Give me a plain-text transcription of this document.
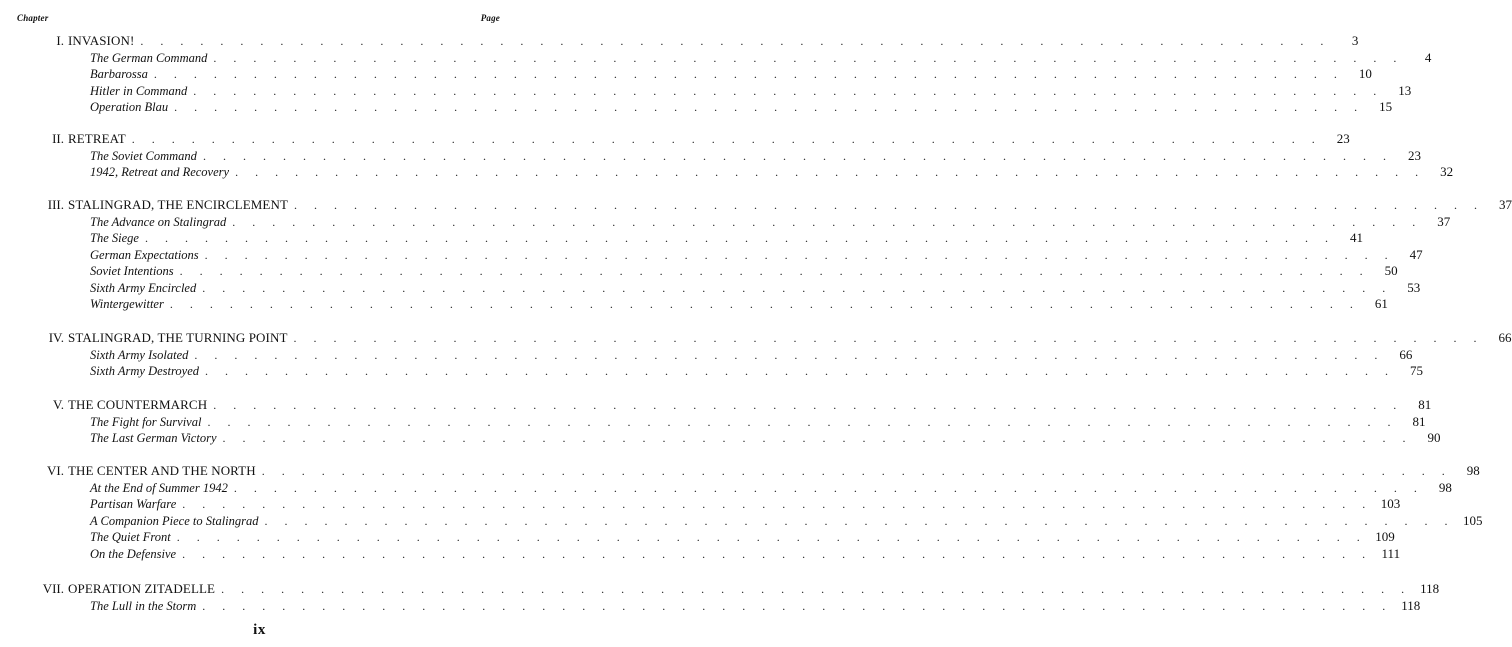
Chapter	Page
I. INVASION! . . . . . . . . . . . . . . . . . . . . . . . . . . . . . . . . . . . . . . . . . . . . . . . . . . . . . . . . . . . .	3
The German Command . . . . . . . . . . . . . . . . . . . . . . . . . . . . . . . . . . . . . . . . . . . . . . . . . . . . . . . . . . . .	4
Barbarossa . . . . . . . . . . . . . . . . . . . . . . . . . . . . . . . . . . . . . . . . . . . . . . . . . . . . . . . . . . . .	10
Hitler in Command . . . . . . . . . . . . . . . . . . . . . . . . . . . . . . . . . . . . . . . . . . . . . . . . . . . . . . . . . . . .	13
Operation Blau . . . . . . . . . . . . . . . . . . . . . . . . . . . . . . . . . . . . . . . . . . . . . . . . . . . . . . . . . . . .	15
II. RETREAT . . . . . . . . . . . . . . . . . . . . . . . . . . . . . . . . . . . . . . . . . . . . . . . . . . . . . . . . . . . .	23
The Soviet Command . . . . . . . . . . . . . . . . . . . . . . . . . . . . . . . . . . . . . . . . . . . . . . . . . . . . . . . . . . . .	23
1942, Retreat and Recovery . . . . . . . . . . . . . . . . . . . . . . . . . . . . . . . . . . . . . . . . . . . . . . . . . . . . . . . . . . . .	32
III. STALINGRAD, THE ENCIRCLEMENT . . . . . . . . . . . . . . . . . . . . . . . . . . . . . . . . . . . . . . . . . . . . . . . . . . . . . . . . . . . .	37
The Advance on Stalingrad . . . . . . . . . . . . . . . . . . . . . . . . . . . . . . . . . . . . . . . . . . . . . . . . . . . . . . . . . . . .	37
The Siege . . . . . . . . . . . . . . . . . . . . . . . . . . . . . . . . . . . . . . . . . . . . . . . . . . . . . . . . . . . .	41
German Expectations . . . . . . . . . . . . . . . . . . . . . . . . . . . . . . . . . . . . . . . . . . . . . . . . . . . . . . . . . . . .	47
Soviet Intentions . . . . . . . . . . . . . . . . . . . . . . . . . . . . . . . . . . . . . . . . . . . . . . . . . . . . . . . . . . . .	50
Sixth Army Encircled . . . . . . . . . . . . . . . . . . . . . . . . . . . . . . . . . . . . . . . . . . . . . . . . . . . . . . . . . . . .	53
Wintergewitter . . . . . . . . . . . . . . . . . . . . . . . . . . . . . . . . . . . . . . . . . . . . . . . . . . . . . . . . . . . .	61
IV. STALINGRAD, THE TURNING POINT . . . . . . . . . . . . . . . . . . . . . . . . . . . . . . . . . . . . . . . . . . . . . . . . . . . . . . . . . . . .	66
Sixth Army Isolated . . . . . . . . . . . . . . . . . . . . . . . . . . . . . . . . . . . . . . . . . . . . . . . . . . . . . . . . . . . .	66
Sixth Army Destroyed . . . . . . . . . . . . . . . . . . . . . . . . . . . . . . . . . . . . . . . . . . . . . . . . . . . . . . . . . . . .	75
V. THE COUNTERMARCH . . . . . . . . . . . . . . . . . . . . . . . . . . . . . . . . . . . . . . . . . . . . . . . . . . . . . . . . . . . .	81
The Fight for Survival . . . . . . . . . . . . . . . . . . . . . . . . . . . . . . . . . . . . . . . . . . . . . . . . . . . . . . . . . . . .	81
The Last German Victory . . . . . . . . . . . . . . . . . . . . . . . . . . . . . . . . . . . . . . . . . . . . . . . . . . . . . . . . . . . .	90
VI. THE CENTER AND THE NORTH . . . . . . . . . . . . . . . . . . . . . . . . . . . . . . . . . . . . . . . . . . . . . . . . . . . . . . . . . . . .	98
At the End of Summer 1942 . . . . . . . . . . . . . . . . . . . . . . . . . . . . . . . . . . . . . . . . . . . . . . . . . . . . . . . . . . . .	98
Partisan Warfare . . . . . . . . . . . . . . . . . . . . . . . . . . . . . . . . . . . . . . . . . . . . . . . . . . . . . . . . . . . . 103
A Companion Piece to Stalingrad . . . . . . . . . . . . . . . . . . . . . . . . . . . . . . . . . . . . . . . . . . . . . . . . . . . . . . . . . . . . 105
The Quiet Front . . . . . . . . . . . . . . . . . . . . . . . . . . . . . . . . . . . . . . . . . . . . . . . . . . . . . . . . . . . . 109
On the Defensive . . . . . . . . . . . . . . . . . . . . . . . . . . . . . . . . . . . . . . . . . . . . . . . . . . . . . . . . . . . . 111
VII. OPERATION ZITADELLE . . . . . . . . . . . . . . . . . . . . . . . . . . . . . . . . . . . . . . . . . . . . . . . . . . . . . . . . . . . . 118
The Lull in the Storm . . . . . . . . . . . . . . . . . . . . . . . . . . . . . . . . . . . . . . . . . . . . . . . . . . . . . . . . . . . . 118
ix
